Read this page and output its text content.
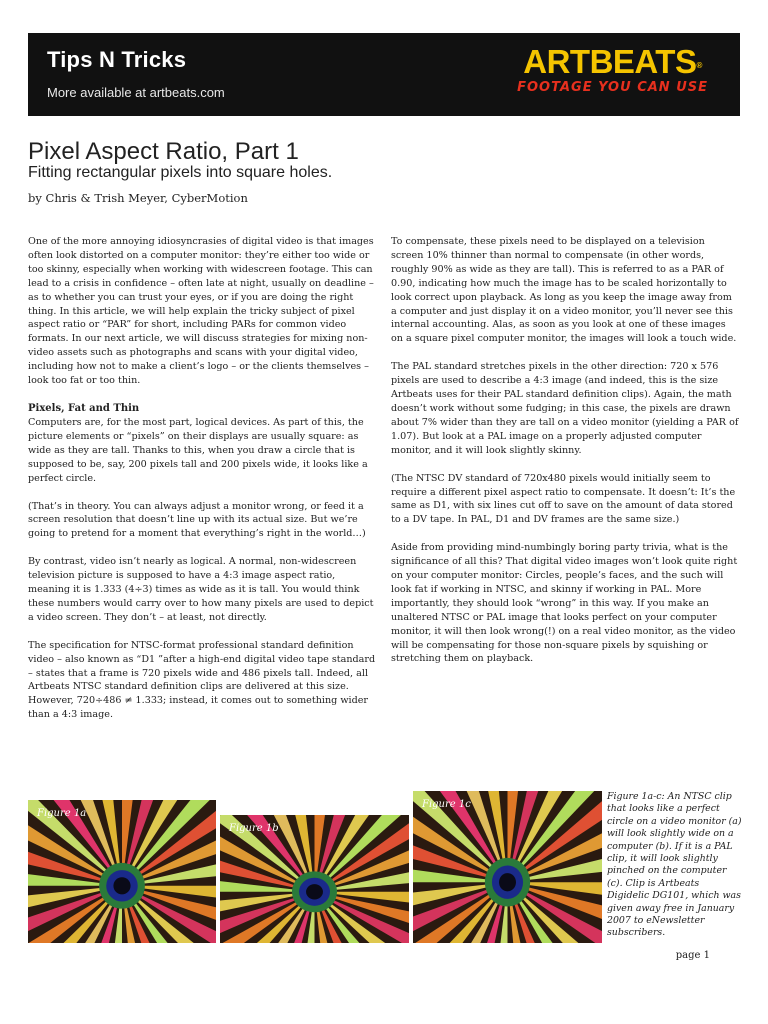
Tips N Tricks
More available at artbeats.com
ARTBEATS®
FOOTAGE YOU CAN USE
Pixel Aspect Ratio, Part 1
Fitting rectangular pixels into square holes.
by Chris & Trish Meyer, CyberMotion

One of the more annoying idiosyncrasies of digital video is that images often look distorted on a computer monitor: they’re either too wide or too skinny, especially when working with widescreen footage. This can lead to a crisis in confidence – often late at night, usually on deadline – as to whether you can trust your eyes, or if you are doing the right thing. In this article, we will help explain the tricky subject of pixel aspect ratio or “PAR” for short, including PARs for common video formats. In our next article, we will discuss strategies for mixing non-video assets such as photographs and scans with your digital video, including how not to make a client’s logo – or the clients themselves – look too fat or too thin.

Pixels, Fat and Thin

Computers are, for the most part, logical devices. As part of this, the picture elements or “pixels” on their displays are usually square: as wide as they are tall. Thanks to this, when you draw a circle that is supposed to be, say, 200 pixels tall and 200 pixels wide, it looks like a perfect circle.

(That’s in theory. You can always adjust a monitor wrong, or feed it a screen resolution that doesn’t line up with its actual size. But we’re going to pretend for a moment that everything’s right in the world…)

By contrast, video isn’t nearly as logical. A normal, non-widescreen television picture is supposed to have a 4:3 image aspect ratio, meaning it is 1.333 (4÷3) times as wide as it is tall. You would think these numbers would carry over to how many pixels are used to depict a video screen. They don’t – at least, not directly.

The specification for NTSC-format professional standard definition video – also known as “D1 ”after a high-end digital video tape standard – states that a frame is 720 pixels wide and 486 pixels tall. Indeed, all Artbeats NTSC standard definition clips are delivered at this size. However, 720÷486 ≠ 1.333; instead, it comes out to something wider than a 4:3 image.

To compensate, these pixels need to be displayed on a television screen 10% thinner than normal to compensate (in other words, roughly 90% as wide as they are tall). This is referred to as a PAR of 0.90, indicating how much the image has to be scaled horizontally to look correct upon playback. As long as you keep the image away from a computer and just display it on a video monitor, you’ll never see this internal accounting. Alas, as soon as you look at one of these images on a square pixel computer monitor, the images will look a touch wide.

The PAL standard stretches pixels in the other direction: 720 x 576 pixels are used to describe a 4:3 image (and indeed, this is the size Artbeats uses for their PAL standard definition clips). Again, the math doesn’t work without some fudging; in this case, the pixels are drawn about 7% wider than they are tall on a video monitor (yielding a PAR of 1.07). But look at a PAL image on a properly adjusted computer monitor, and it will look slightly skinny.

(The NTSC DV standard of 720x480 pixels would initially seem to require a different pixel aspect ratio to compensate. It doesn’t: It’s the same as D1, with six lines cut off to save on the amount of data stored to a DV tape. In PAL, D1 and DV frames are the same size.)

Aside from providing mind-numbingly boring party trivia, what is the significance of all this? That digital video images won’t look quite right on your computer monitor: Circles, people’s faces, and the such will look fat if working in NTSC, and skinny if working in PAL. More importantly, they should look “wrong” in this way. If you make an unaltered NTSC or PAL image that looks perfect on your computer monitor, it will then look wrong(!) on a real video monitor, as the video will be compensating for those non-square pixels by squishing or stretching them on playback.

Figure 1a
Figure 1b
Figure 1c
Figure 1a-c: An NTSC clip that looks like a perfect circle on a video monitor (a) will look slightly wide on a computer (b). If it is a PAL clip, it will look slightly pinched on the computer (c). Clip is Artbeats Digidelic DG101, which was given away free in January 2007 to eNewsletter subscribers.
page 1
